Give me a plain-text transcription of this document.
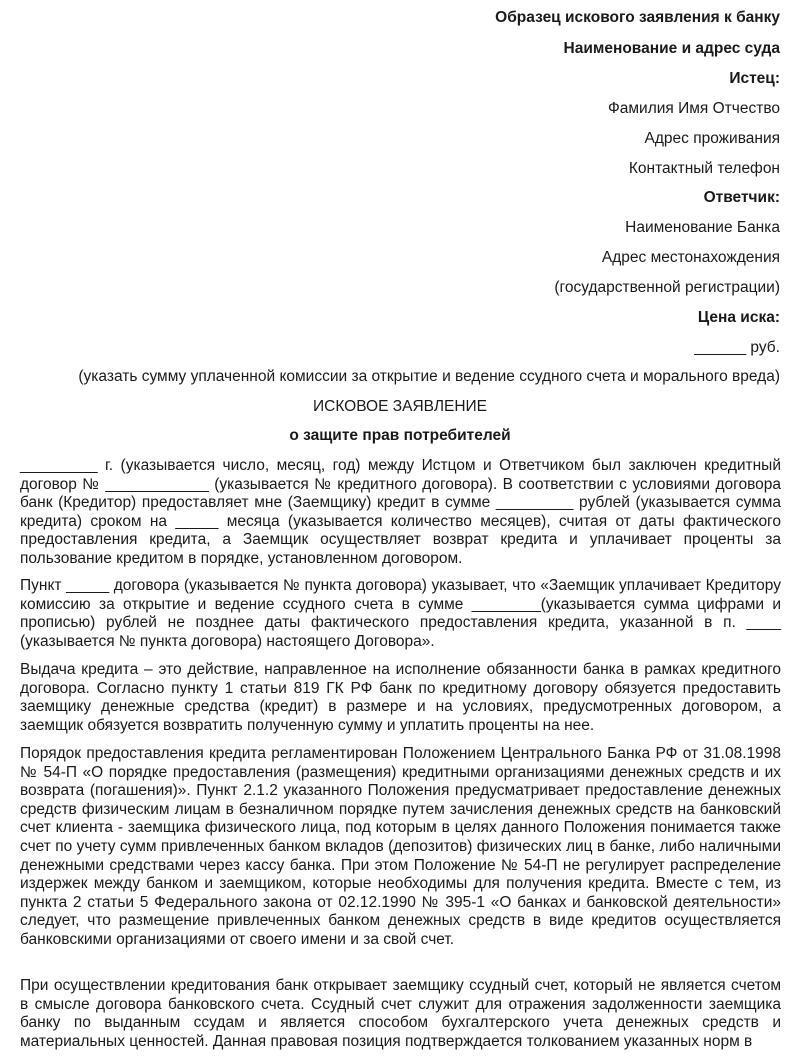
Образец искового заявления к банку
Наименование и адрес суда
Истец:
Фамилия Имя Отчество
Адрес проживания
Контактный телефон
Ответчик:
Наименование Банка
Адрес местонахождения
(государственной регистрации)
Цена иска:
______ руб.
(указать сумму уплаченной комиссии за открытие и ведение ссудного счета и морального вреда)
ИСКОВОЕ ЗАЯВЛЕНИЕ
о защите прав потребителей

_________ г. (указывается число, месяц, год) между Истцом и Ответчиком был заключен кредитный договор № ____________ (указывается № кредитного договора). В соответствии с условиями договора банк (Кредитор) предоставляет мне (Заемщику) кредит в сумме _________ рублей (указывается сумма кредита) сроком на _____ месяца (указывается количество месяцев), считая от даты фактического предоставления кредита, а Заемщик осуществляет возврат кредита и уплачивает проценты за пользование кредитом в порядке, установленном договором.

Пункт _____ договора (указывается № пункта договора) указывает, что «Заемщик уплачивает Кредитору комиссию за открытие и ведение ссудного счета в сумме ________(указывается сумма цифрами и прописью) рублей не позднее даты фактического предоставления кредита, указанной в п. ____ (указывается № пункта договора) настоящего Договора».

Выдача кредита – это действие, направленное на исполнение обязанности банка в рамках кредитного договора. Согласно пункту 1 статьи 819 ГК РФ банк по кредитному договору обязуется предоставить заемщику денежные средства (кредит) в размере и на условиях, предусмотренных договором, а заемщик обязуется возвратить полученную сумму и уплатить проценты на нее.

Порядок предоставления кредита регламентирован Положением Центрального Банка РФ от 31.08.1998 № 54-П «О порядке предоставления (размещения) кредитными организациями денежных средств и их возврата (погашения)». Пункт 2.1.2 указанного Положения предусматривает предоставление денежных средств физическим лицам в безналичном порядке путем зачисления денежных средств на банковский счет клиента - заемщика физического лица, под которым в целях данного Положения понимается также счет по учету сумм привлеченных банком вкладов (депозитов) физических лиц в банке, либо наличными денежными средствами через кассу банка. При этом Положение № 54-П не регулирует распределение издержек между банком и заемщиком, которые необходимы для получения кредита. Вместе с тем, из пункта 2 статьи 5 Федерального закона от 02.12.1990 № 395-1 «О банках и банковской деятельности» следует, что размещение привлеченных банком денежных средств в виде кредитов осуществляется банковскими организациями от своего имени и за свой счет.

При осуществлении кредитования банк открывает заемщику ссудный счет, который не является счетом в смысле договора банковского счета. Ссудный счет служит для отражения задолженности заемщика банку по выданным ссудам и является способом бухгалтерского учета денежных средств и материальных ценностей. Данная правовая позиция подтверждается толкованием указанных норм в
